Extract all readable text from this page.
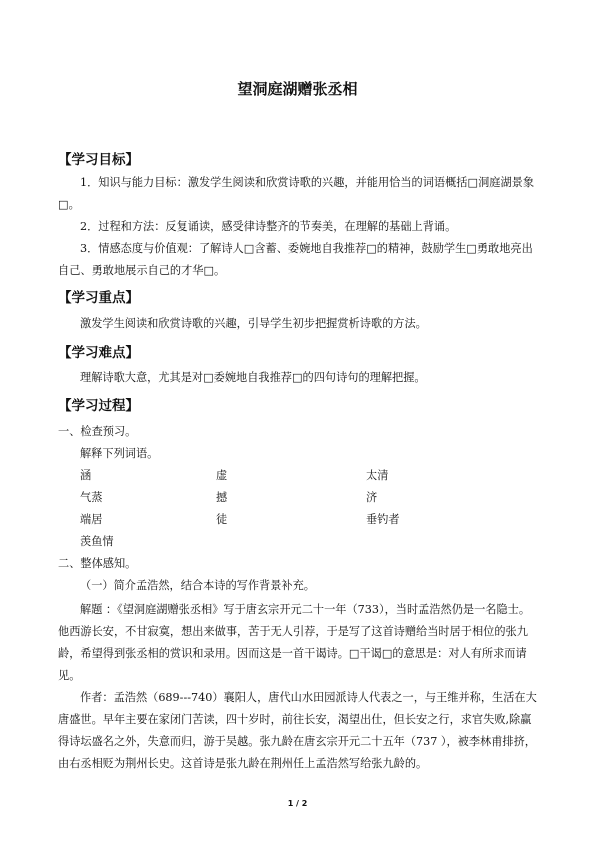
望洞庭湖赠张丞相
【学习目标】
1．知识与能力目标：激发学生阅读和欣赏诗歌的兴趣，并能用恰当的词语概括□洞庭湖景象□。
2．过程和方法：反复诵读，感受律诗整齐的节奏美，在理解的基础上背诵。
3．情感态度与价值观：了解诗人□含蓄、委婉地自我推荐□的精神，鼓励学生□勇敢地亮出自己、勇敢地展示自己的才华□。
【学习重点】
激发学生阅读和欣赏诗歌的兴趣，引导学生初步把握赏析诗歌的方法。
【学习难点】
理解诗歌大意，尤其是对□委婉地自我推荐□的四句诗句的理解把握。
【学习过程】
一、检查预习。
解释下列词语。
涵	虚	太清
气蒸	撼	济
端居	徒	垂钓者
羡鱼情
二、整体感知。
（一）简介孟浩然，结合本诗的写作背景补充。
解题 ：《望洞庭湖赠张丞相》写于唐玄宗开元二十一年（733），当时孟浩然仍是一名隐士。他西游长安，不甘寂寞，想出来做事，苦于无人引荐，于是写了这首诗赠给当时居于相位的张九龄，希望得到张丞相的赏识和录用。因而这是一首干谒诗。□干谒□的意思是：对人有所求而请见。
作者：孟浩然（689---740）襄阳人，唐代山水田园派诗人代表之一，与王维并称，生活在大唐盛世。早年主要在家闭门苦读，四十岁时，前往长安，渴望出仕，但长安之行，求官失败,除赢得诗坛盛名之外，失意而归，游于吴越。张九龄在唐玄宗开元二十五年（737 ），被李林甫排挤，由右丞相贬为荆州长史。这首诗是张九龄在荆州任上孟浩然写给张九龄的。
1 / 2
